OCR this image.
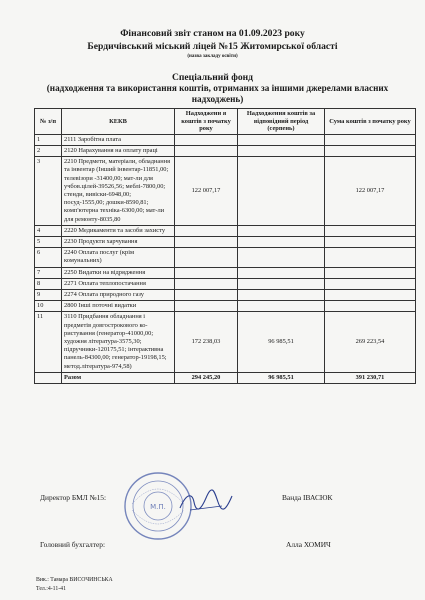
Фінансовий звіт станом на 01.09.2023 року
Бердичівський міський ліцей №15 Житомирської області
(назва закладу освіти)
Спеціальний фонд
(надходження та використання коштів, отриманих за іншими джерелами власних надходжень)
№ з/п	КЕКВ	Надходженн я коштів з початку року	Надходження коштів за відповідний період (серпень)	Сума коштів з початку року
1	2111 Заробітна плата			
2	2120 Нарахування на оплату праці			
3	2210 Предмети, матеріали, обладнання та інвентар (Інший інвентар-11851,00; телевізори -31400,00; мат-ли для учбов.цілей-39526,56; меблі-7800,00; стенди, вивіски-6948,00; посуд-1555,00; дошки-8590,81; комп'ютерна техніка-6300,00; мат-ли для ремонту-8035,80	122 007,17		122 007,17
4	2220 Медикаменти та засоби захисту			
5	2230 Продукти харчування			
6	2240 Оплата послуг (крім комунальних)			
7	2250 Видатки на відрядження			
8	2271 Оплата теплопостачання			
9	2274 Оплата природного газу			
10	2800 Інші поточні видатки			
11	3110 Придбання обладнання і предметів довгострокового ко-ристування (генератор-41000,00; художня література-3575,30; підручники-120175,51; інтерактивна панель-84300,00; генератор-19198,15; метод.література-974,58)	172 238,03	96 985,51	269 223,54
	Разом	294 245,20	96 985,51	391 230,71
М.П.
Директор БМЛ №15:	Ванда ІВАСЮК
Головний бухгалтер:	Алла ХОМИЧ
Вик.: Тамара ВИСОЧИНСЬКА
Тел.:4-11-41
